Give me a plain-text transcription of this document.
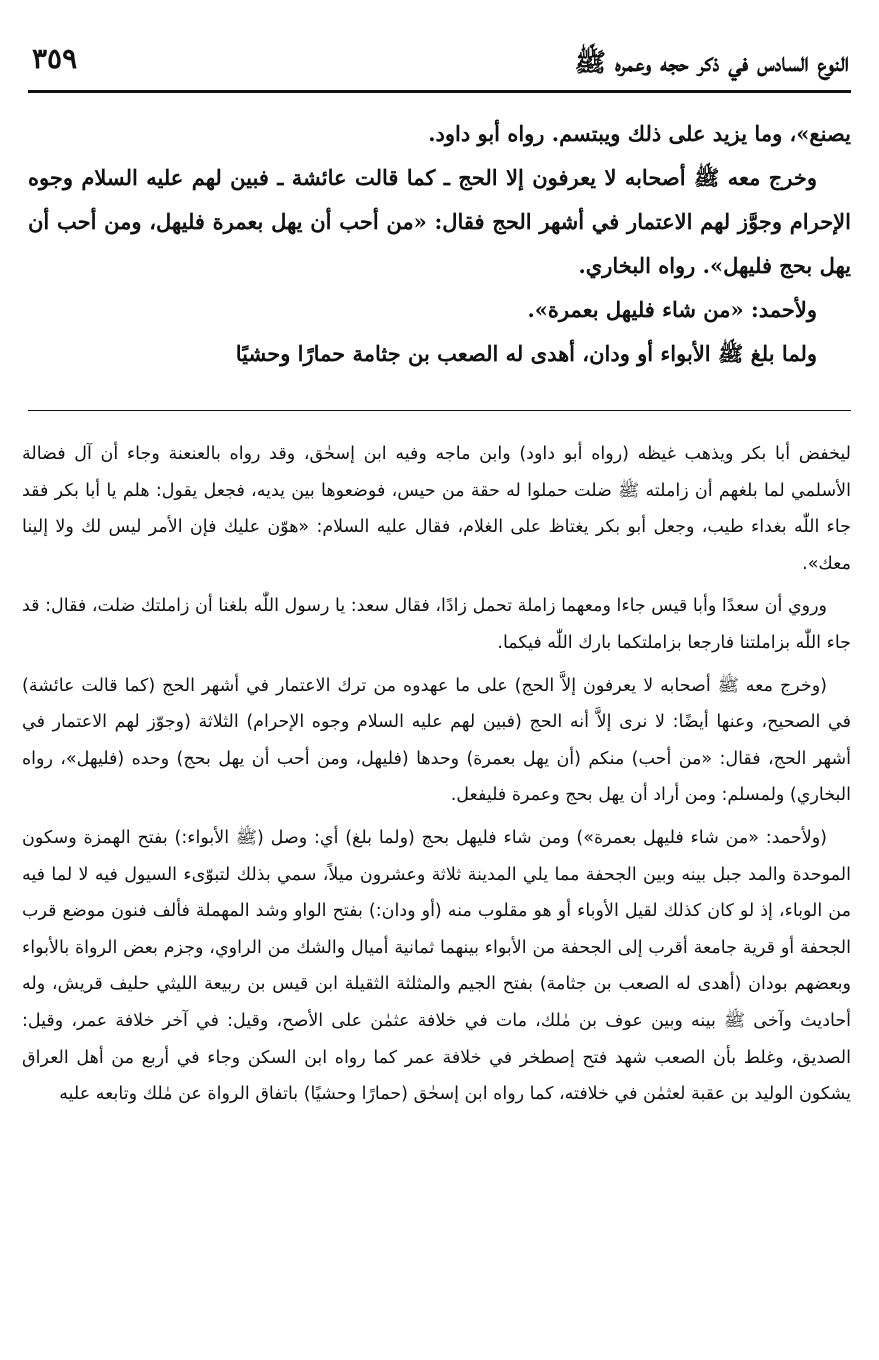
النوع السادس في ذكر حجه وعمره ﷺ
٣٥٩

يصنع»، وما يزيد على ذلك ويبتسم. رواه أبو داود.

وخرج معه ﷺ أصحابه لا يعرفون إلا الحج ـ كما قالت عائشة ـ فبين لهم عليه السلام وجوه الإحرام وجوَّز لهم الاعتمار في أشهر الحج فقال: «من أحب أن يهل بعمرة فليهل، ومن أحب أن يهل بحج فليهل». رواه البخاري.

ولأحمد: «من شاء فليهل بعمرة».

ولما بلغ ﷺ الأبواء أو ودان، أهدى له الصعب بن جثامة حمارًا وحشيًا

ليخفض أبا بكر ويذهب غيظه (رواه أبو داود) وابن ماجه وفيه ابن إسحٰق، وقد رواه بالعنعنة وجاء أن آل فضالة الأسلمي لما بلغهم أن زاملته ﷺ ضلت حملوا له حقة من حيس، فوضعوها بين يديه، فجعل يقول: هلم يا أبا بكر فقد جاء اللّٰه بغداء طيب، وجعل أبو بكر يغتاظ على الغلام، فقال عليه السلام: «هوّن عليك فإن الأمر ليس لك ولا إلينا معك».

وروي أن سعدًا وأبا قيس جاءا ومعهما زاملة تحمل زادًا، فقال سعد: يا رسول اللّٰه بلغنا أن زاملتك ضلت، فقال: قد جاء اللّٰه بزاملتنا فارجعا بزاملتكما بارك اللّٰه فيكما.

(وخرج معه ﷺ أصحابه لا يعرفون إلاَّ الحج) على ما عهدوه من ترك الاعتمار في أشهر الحج (كما قالت عائشة) في الصحيح، وعنها أيضًا: لا نرى إلاَّ أنه الحج (فبين لهم عليه السلام وجوه الإحرام) الثلاثة (وجوّز لهم الاعتمار في أشهر الحج، فقال: «من أحب) منكم (أن يهل بعمرة) وحدها (فليهل، ومن أحب أن يهل بحج) وحده (فليهل»، رواه البخاري) ولمسلم: ومن أراد أن يهل بحج وعمرة فليفعل.

(ولأحمد: «من شاء فليهل بعمرة») ومن شاء فليهل بحج (ولما بلغ) أي: وصل (ﷺ الأبواء:) بفتح الهمزة وسكون الموحدة والمد جبل بينه وبين الجحفة مما يلي المدينة ثلاثة وعشرون ميلاً، سمي بذلك لتبوّىء السيول فيه لا لما فيه من الوباء، إذ لو كان كذلك لقيل الأوباء أو هو مقلوب منه (أو ودان:) بفتح الواو وشد المهملة فألف فنون موضع قرب الجحفة أو قرية جامعة أقرب إلى الجحفة من الأبواء بينهما ثمانية أميال والشك من الراوي، وجزم بعض الرواة بالأبواء وبعضهم بودان (أهدى له الصعب بن جثامة) بفتح الجيم والمثلثة الثقيلة ابن قيس بن ربيعة الليثي حليف قريش، وله أحاديث وآخى ﷺ بينه وبين عوف بن مٰلك، مات في خلافة عثمٰن على الأصح، وقيل: في آخر خلافة عمر، وقيل: الصديق، وغلط بأن الصعب شهد فتح إصطخر في خلافة عمر كما رواه ابن السكن وجاء في أربع من أهل العراق يشكون الوليد بن عقبة لعثمٰن في خلافته، كما رواه ابن إسحٰق (حمارًا وحشيًا) باتفاق الرواة عن مٰلك وتابعه عليه
